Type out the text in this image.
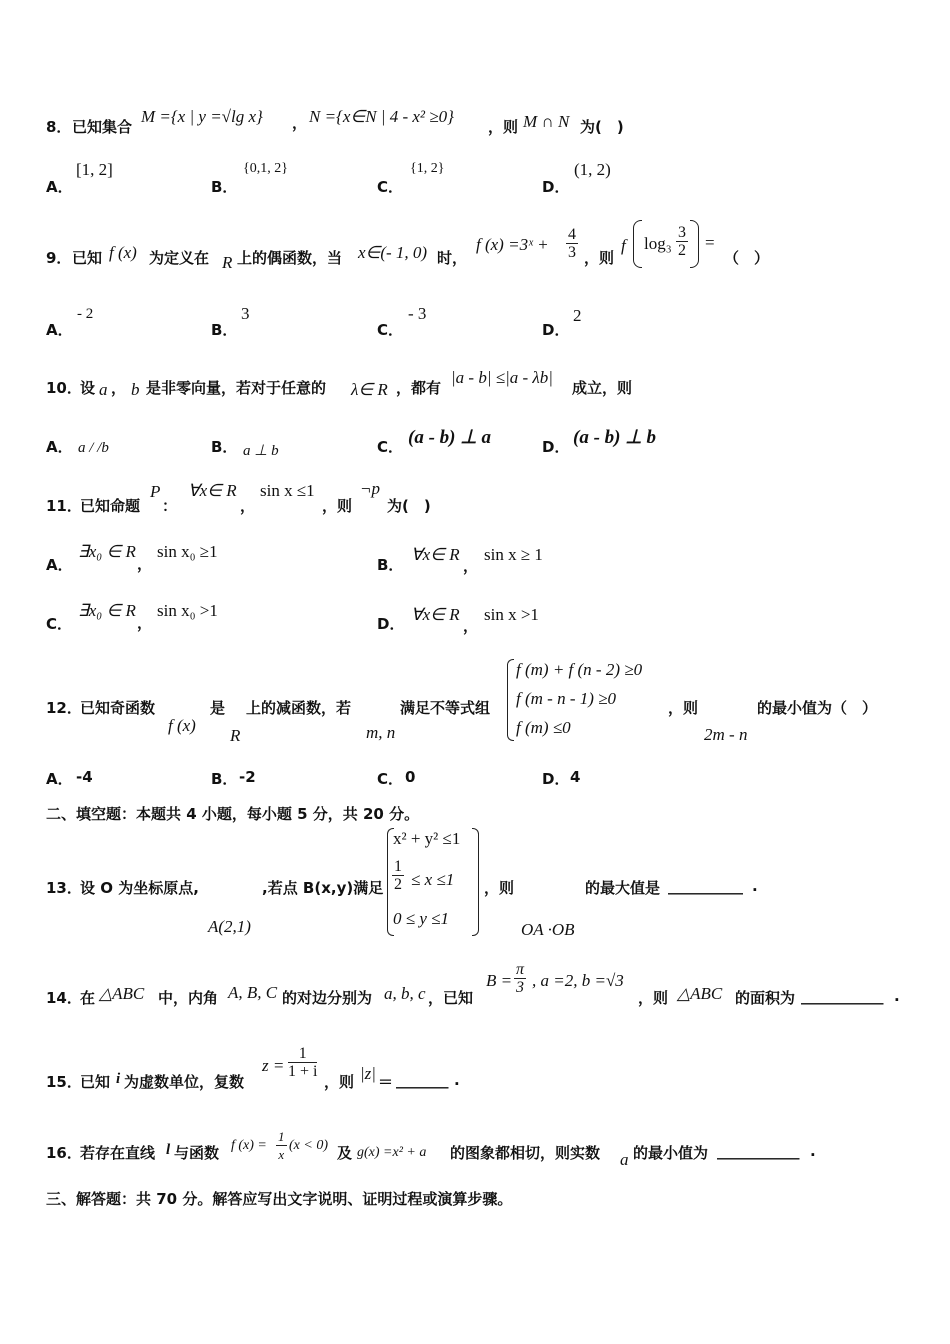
8． 已知集合
M ={x | y =√lg x} ， N ={x∈N | 4 - x² ≥0}
，则 M ∩ N 为(　)
A．
[1, 2]
B．
{0,1, 2}
C．
{1, 2}
D．
(1, 2)
9． 已知 f (x) 为定义在 R 上的偶函数，当 x∈(- 1, 0) 时，
f (x) =3ˣ + $\frac{4}{3}$ ，则
f $\log_3 \frac{3}{2}$ =
（　）
A．
- 2
B．
3
C．
- 3
D．
2
10．
设 a ， b 是非零向量，若对于任意的 λ∈ R ，都有
|a - b| ≤|a - λb|
成立，则
A． a / /b	B． a ⊥ b	C． (a - b) ⊥ a	D． (a - b) ⊥ b
11．
已知命题
P
：
∀x∈ R
，
sin x ≤1
，则
¬p
为(　)
A．
∃x₀ ∈ R
，
sin x₀ ≥1
B．
∀x∈ R
，
sin x ≥ 1
C．
∃x₀ ∈ R
，
sin x₀ >1
D． ∀x∈ R
，
sin x >1
12．
已知奇函数
f (x)
是
R
上的减函数，若
m, n
满足不等式组
f (m) + f (n - 2) ≥0
f (m - n - 1) ≥0
f (m) ≤0
，则
2m - n
的最小值为（　）
A． -4	B． -2	C． 0	D． 4
二、填空题：本题共 4 小题，每小题 5 分，共 20 分。
13．
设 O 为坐标原点,
A(2,1)
,若点 B(x,y)满足
x² + y² ≤1
$\frac{1}{2} \le x \le 1$
0 ≤ y ≤1
，则
OA ·OB
的最大值是 __________ .
14．
在 △ABC 中，内角 A, B, C 的对边分别为 a, b, c ，已知
$B = \frac{\pi}{3}$ , a =2, b =√3
，则 △ABC 的面积为 ___________ .
15．
已知 i 为虚数单位，复数
$z = \frac{1}{1 + i}$
，则 |z| ＝ _______ .
16．
若存在直线 l 与函数 f $(x) = \frac{1}{x} (x < 0)$ 及 g(x) =x² + a 的图象都相切，则实数 a 的最小值为 ___________ .
三、解答题：共 70 分。解答应写出文字说明、证明过程或演算步骤。
